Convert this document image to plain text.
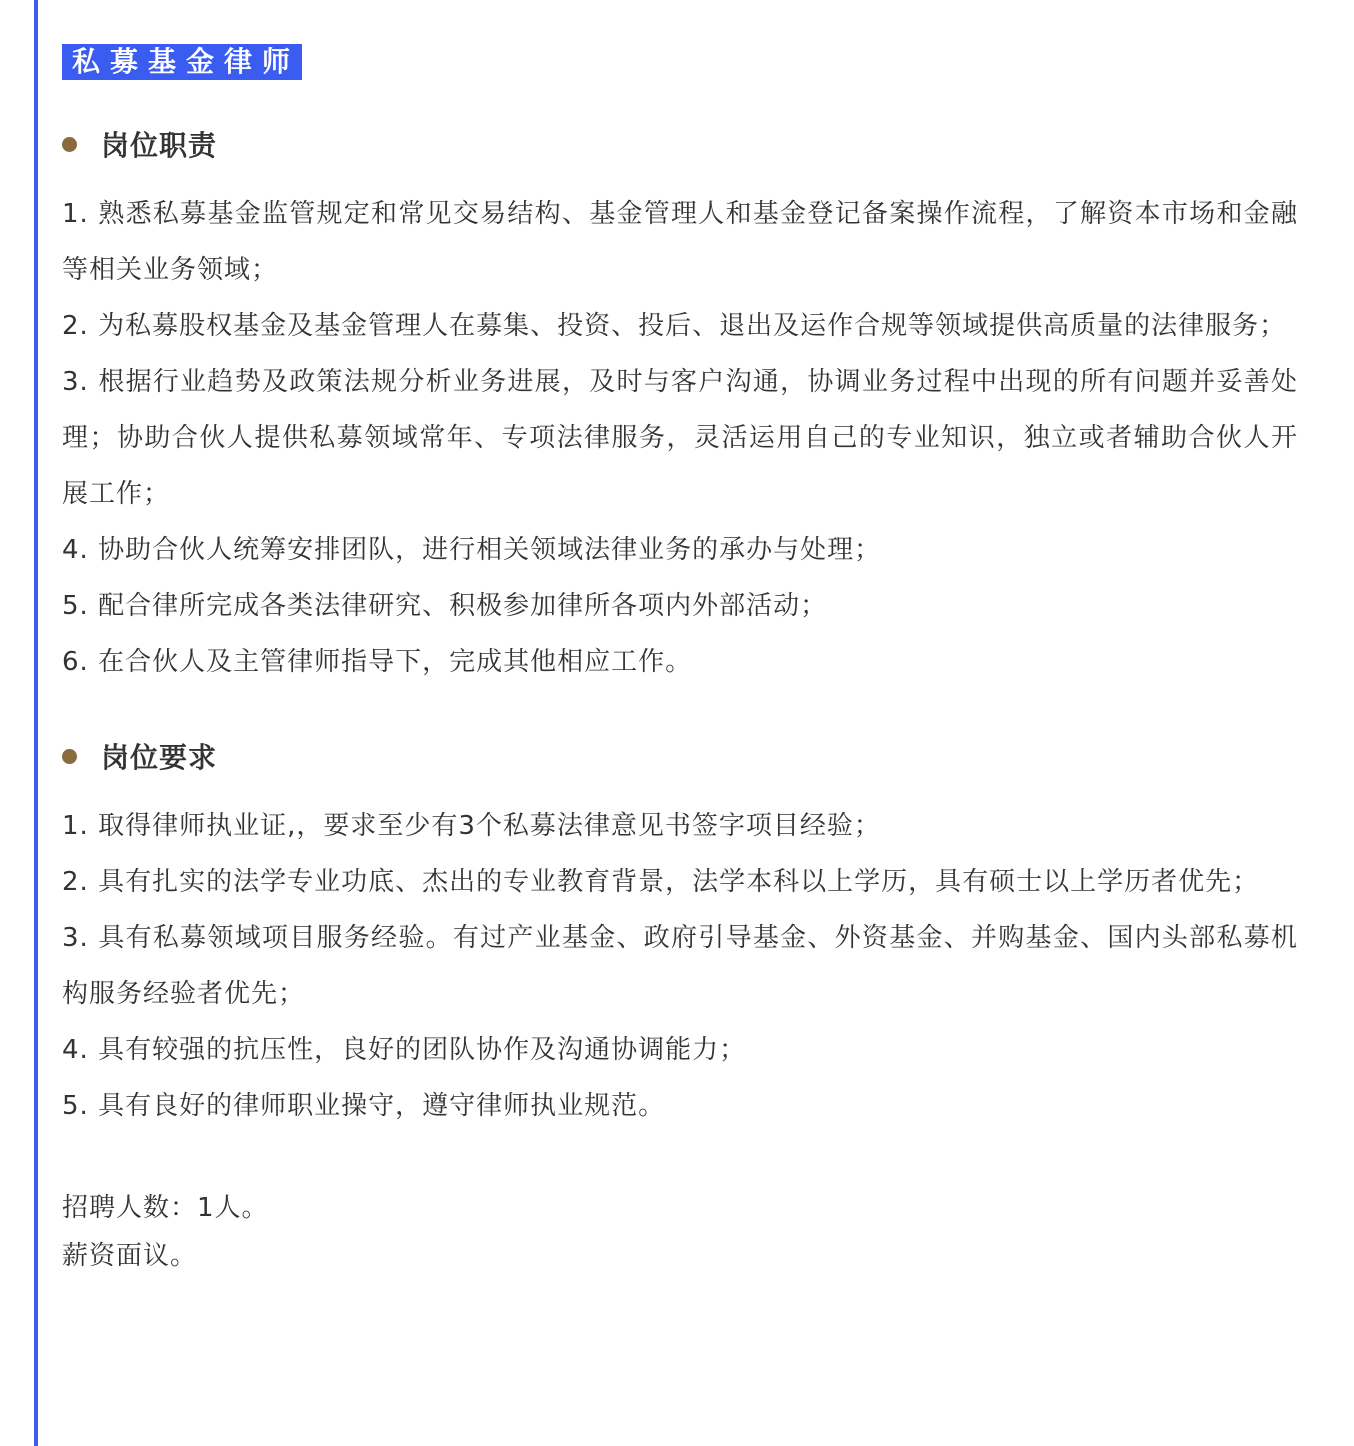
私募基金律师
岗位职责
1. 熟悉私募基金监管规定和常见交易结构、基金管理人和基金登记备案操作流程，了解资本市场和金融等相关业务领域；
2. 为私募股权基金及基金管理人在募集、投资、投后、退出及运作合规等领域提供高质量的法律服务；
3. 根据行业趋势及政策法规分析业务进展，及时与客户沟通，协调业务过程中出现的所有问题并妥善处理；协助合伙人提供私募领域常年、专项法律服务，灵活运用自己的专业知识，独立或者辅助合伙人开展工作；
4. 协助合伙人统筹安排团队，进行相关领域法律业务的承办与处理；
5. 配合律所完成各类法律研究、积极参加律所各项内外部活动；
6. 在合伙人及主管律师指导下，完成其他相应工作。
岗位要求
1. 取得律师执业证,，要求至少有3个私募法律意见书签字项目经验；
2. 具有扎实的法学专业功底、杰出的专业教育背景，法学本科以上学历，具有硕士以上学历者优先；
3. 具有私募领域项目服务经验。有过产业基金、政府引导基金、外资基金、并购基金、国内头部私募机构服务经验者优先；
4. 具有较强的抗压性，良好的团队协作及沟通协调能力；
5. 具有良好的律师职业操守，遵守律师执业规范。
招聘人数：1人。
薪资面议。
